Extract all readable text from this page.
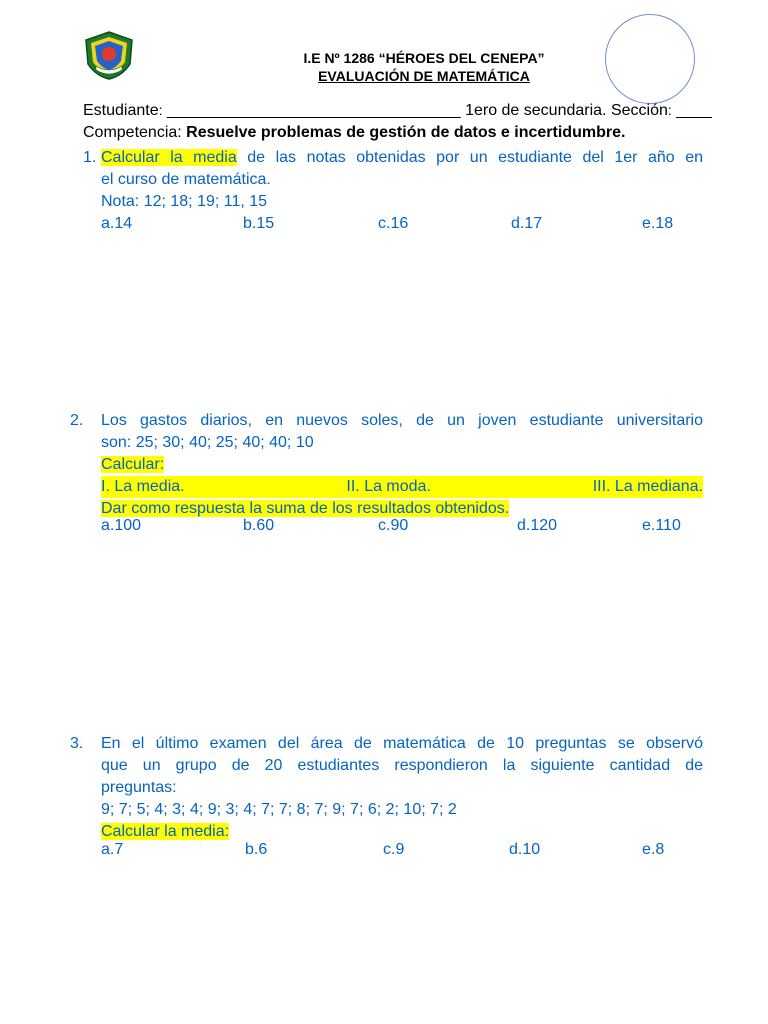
I.E Nº 1286 “HÉROES DEL CENEPA”
EVALUACIÓN DE MATEMÁTICA
Estudiante: _________________________________ 1ero de secundaria. Sección: ____
Competencia: Resuelve problemas de gestión de datos e incertidumbre.
1. Calcular la media de las notas obtenidas por un estudiante del 1er año en
el curso de matemática.
Nota: 12; 18; 19; 11, 15
a.14	b.15	c.16	d.17	e.18
2. Los gastos diarios, en nuevos soles, de un joven estudiante universitario
son: 25; 30; 40; 25; 40; 40; 10
Calcular:
I. La media.	II. La moda.	III. La mediana.
Dar como respuesta la suma de los resultados obtenidos.
a.100	b.60	c.90	d.120	e.110
3. En el último examen del área de matemática de 10 preguntas se observó
que un grupo de 20 estudiantes respondieron la siguiente cantidad de
preguntas:
9; 7; 5; 4; 3; 4; 9; 3; 4; 7; 7; 8; 7; 9; 7; 6; 2; 10; 7; 2
Calcular la media:
a.7	b.6	c.9	d.10	e.8
